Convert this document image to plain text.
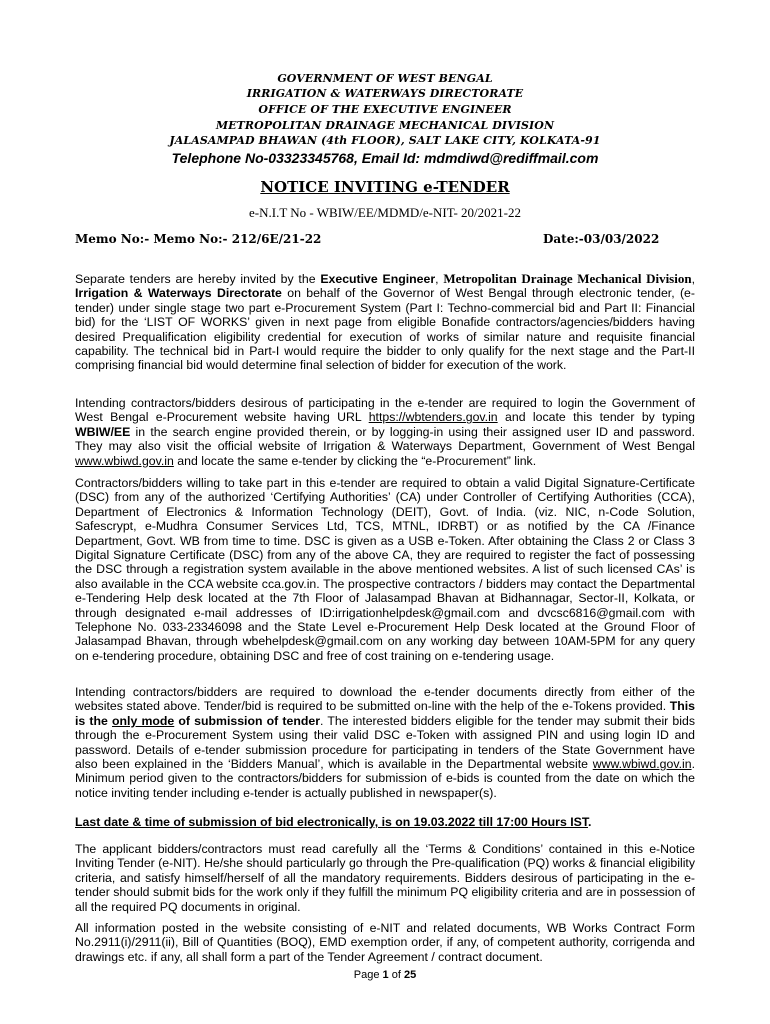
GOVERNMENT OF WEST BENGAL
IRRIGATION & WATERWAYS DIRECTORATE
OFFICE OF THE EXECUTIVE ENGINEER
METROPOLITAN DRAINAGE MECHANICAL DIVISION
JALASAMPAD BHAWAN (4th FLOOR), SALT LAKE CITY, KOLKATA-91
Telephone No-03323345768, Email Id: mdmdiwd@rediffmail.com
NOTICE INVITING e-TENDER
e-N.I.T No - WBIW/EE/MDMD/e-NIT- 20/2021-22
Memo No:- Memo No:- 212/6E/21-22	Date:-03/03/2022
Separate tenders are hereby invited by the Executive Engineer, Metropolitan Drainage Mechanical Division, Irrigation & Waterways Directorate on behalf of the Governor of West Bengal through electronic tender, (e-tender) under single stage two part e-Procurement System (Part I: Techno-commercial bid and Part II: Financial bid) for the ‘LIST OF WORKS’ given in next page from eligible Bonafide contractors/agencies/bidders having desired Prequalification eligibility credential for execution of works of similar nature and requisite financial capability. The technical bid in Part-I would require the bidder to only qualify for the next stage and the Part-II comprising financial bid would determine final selection of bidder for execution of the work.
Intending contractors/bidders desirous of participating in the e-tender are required to login the Government of West Bengal e-Procurement website having URL https://wbtenders.gov.in and locate this tender by typing WBIW/EE in the search engine provided therein, or by logging-in using their assigned user ID and password. They may also visit the official website of Irrigation & Waterways Department, Government of West Bengal www.wbiwd.gov.in and locate the same e-tender by clicking the “e-Procurement” link.
Contractors/bidders willing to take part in this e-tender are required to obtain a valid Digital Signature-Certificate (DSC) from any of the authorized ‘Certifying Authorities’ (CA) under Controller of Certifying Authorities (CCA), Department of Electronics & Information Technology (DEIT), Govt. of India. (viz. NIC, n-Code Solution, Safescrypt, e-Mudhra Consumer Services Ltd, TCS, MTNL, IDRBT) or as notified by the CA /Finance Department, Govt. WB from time to time. DSC is given as a USB e-Token. After obtaining the Class 2 or Class 3 Digital Signature Certificate (DSC) from any of the above CA, they are required to register the fact of possessing the DSC through a registration system available in the above mentioned websites. A list of such licensed CAs’ is also available in the CCA website cca.gov.in. The prospective contractors / bidders may contact the Departmental e-Tendering Help desk located at the 7th Floor of Jalasampad Bhavan at Bidhannagar, Sector-II, Kolkata, or through designated e-mail addresses of ID:irrigationhelpdesk@gmail.com and dvcsc6816@gmail.com with Telephone No. 033-23346098 and the State Level e-Procurement Help Desk located at the Ground Floor of Jalasampad Bhavan, through wbehelpdesk@gmail.com on any working day between 10AM-5PM for any query on e-tendering procedure, obtaining DSC and free of cost training on e-tendering usage.
Intending contractors/bidders are required to download the e-tender documents directly from either of the websites stated above. Tender/bid is required to be submitted on-line with the help of the e-Tokens provided. This is the only mode of submission of tender. The interested bidders eligible for the tender may submit their bids through the e-Procurement System using their valid DSC e-Token with assigned PIN and using login ID and password. Details of e-tender submission procedure for participating in tenders of the State Government have also been explained in the ‘Bidders Manual’, which is available in the Departmental website www.wbiwd.gov.in. Minimum period given to the contractors/bidders for submission of e-bids is counted from the date on which the notice inviting tender including e-tender is actually published in newspaper(s).
Last date & time of submission of bid electronically, is on 19.03.2022 till 17:00 Hours IST.
The applicant bidders/contractors must read carefully all the ‘Terms & Conditions’ contained in this e-Notice Inviting Tender (e-NIT). He/she should particularly go through the Pre-qualification (PQ) works & financial eligibility criteria, and satisfy himself/herself of all the mandatory requirements. Bidders desirous of participating in the e-tender should submit bids for the work only if they fulfill the minimum PQ eligibility criteria and are in possession of all the required PQ documents in original.
All information posted in the website consisting of e-NIT and related documents, WB Works Contract Form No.2911(i)/2911(ii), Bill of Quantities (BOQ), EMD exemption order, if any, of competent authority, corrigenda and drawings etc. if any, all shall form a part of the Tender Agreement / contract document.
Page 1 of 25
